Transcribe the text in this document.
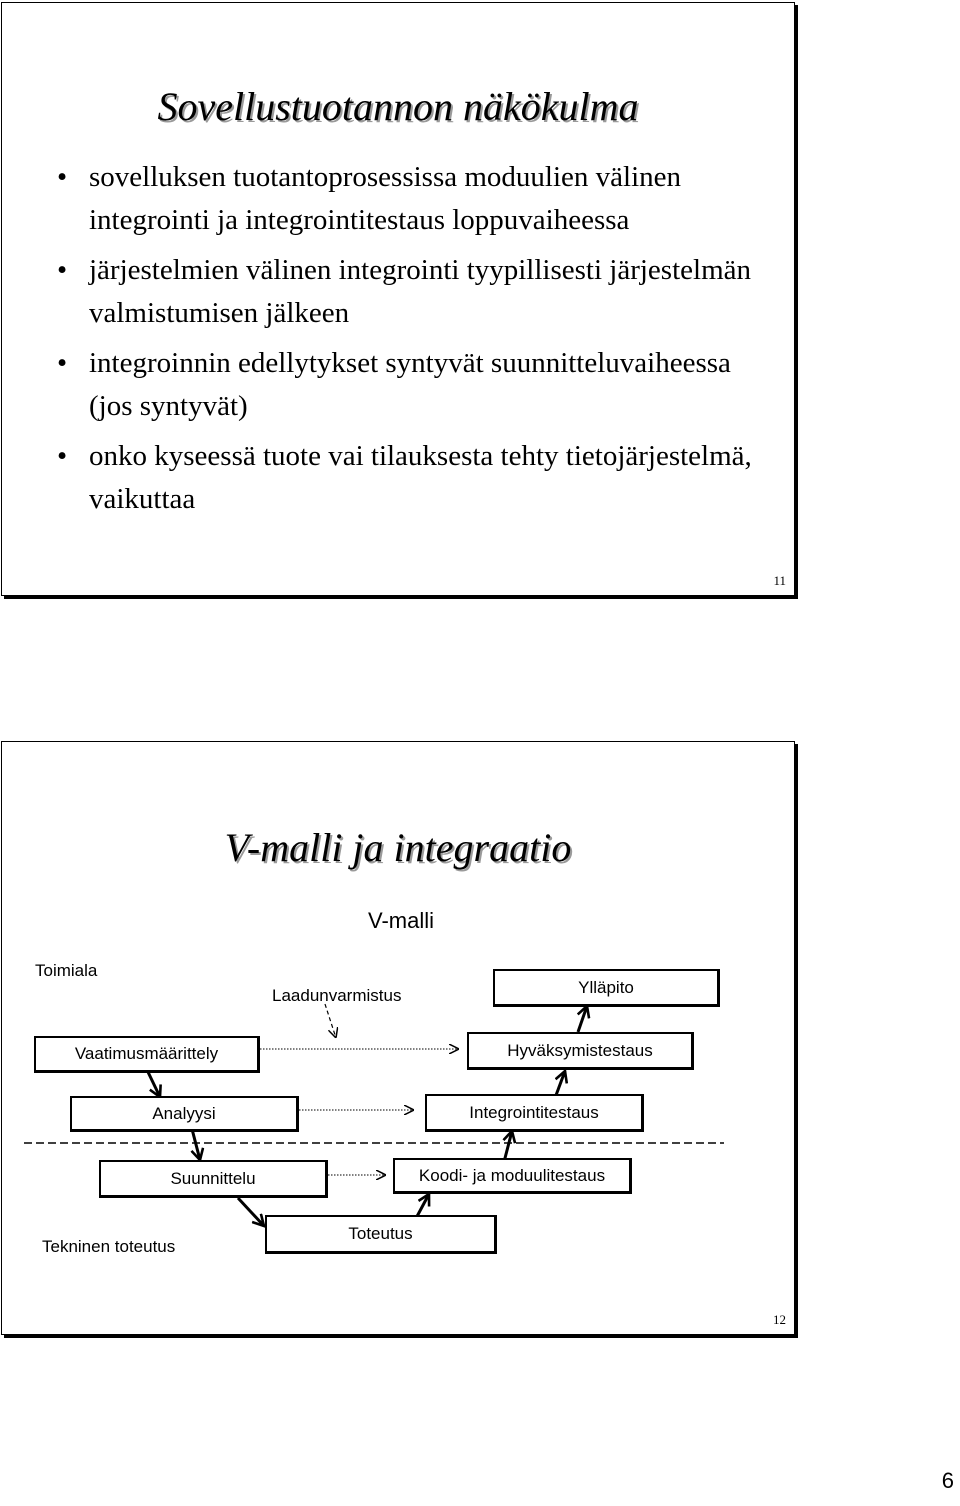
Sovellustuotannon näkökulma
• sovelluksen tuotantoprosessissa moduulien välinen integrointi ja integrointitestaus loppuvaiheessa
• järjestelmien välinen integrointi tyypillisesti järjestelmän valmistumisen jälkeen
• integroinnin edellytykset syntyvät suunnitteluvaiheessa (jos syntyvät)
• onko kyseessä tuote vai tilauksesta tehty tietojärjestelmä, vaikuttaa
11
V-malli ja integraatio
V-malli
Toimiala
Laadunvarmistus
Tekninen toteutus
Ylläpito
Vaatimusmäärittely	Hyväksymistestaus
Analyysi	Integrointitestaus
Suunnittelu	Koodi- ja moduulitestaus
Toteutus
12
6
